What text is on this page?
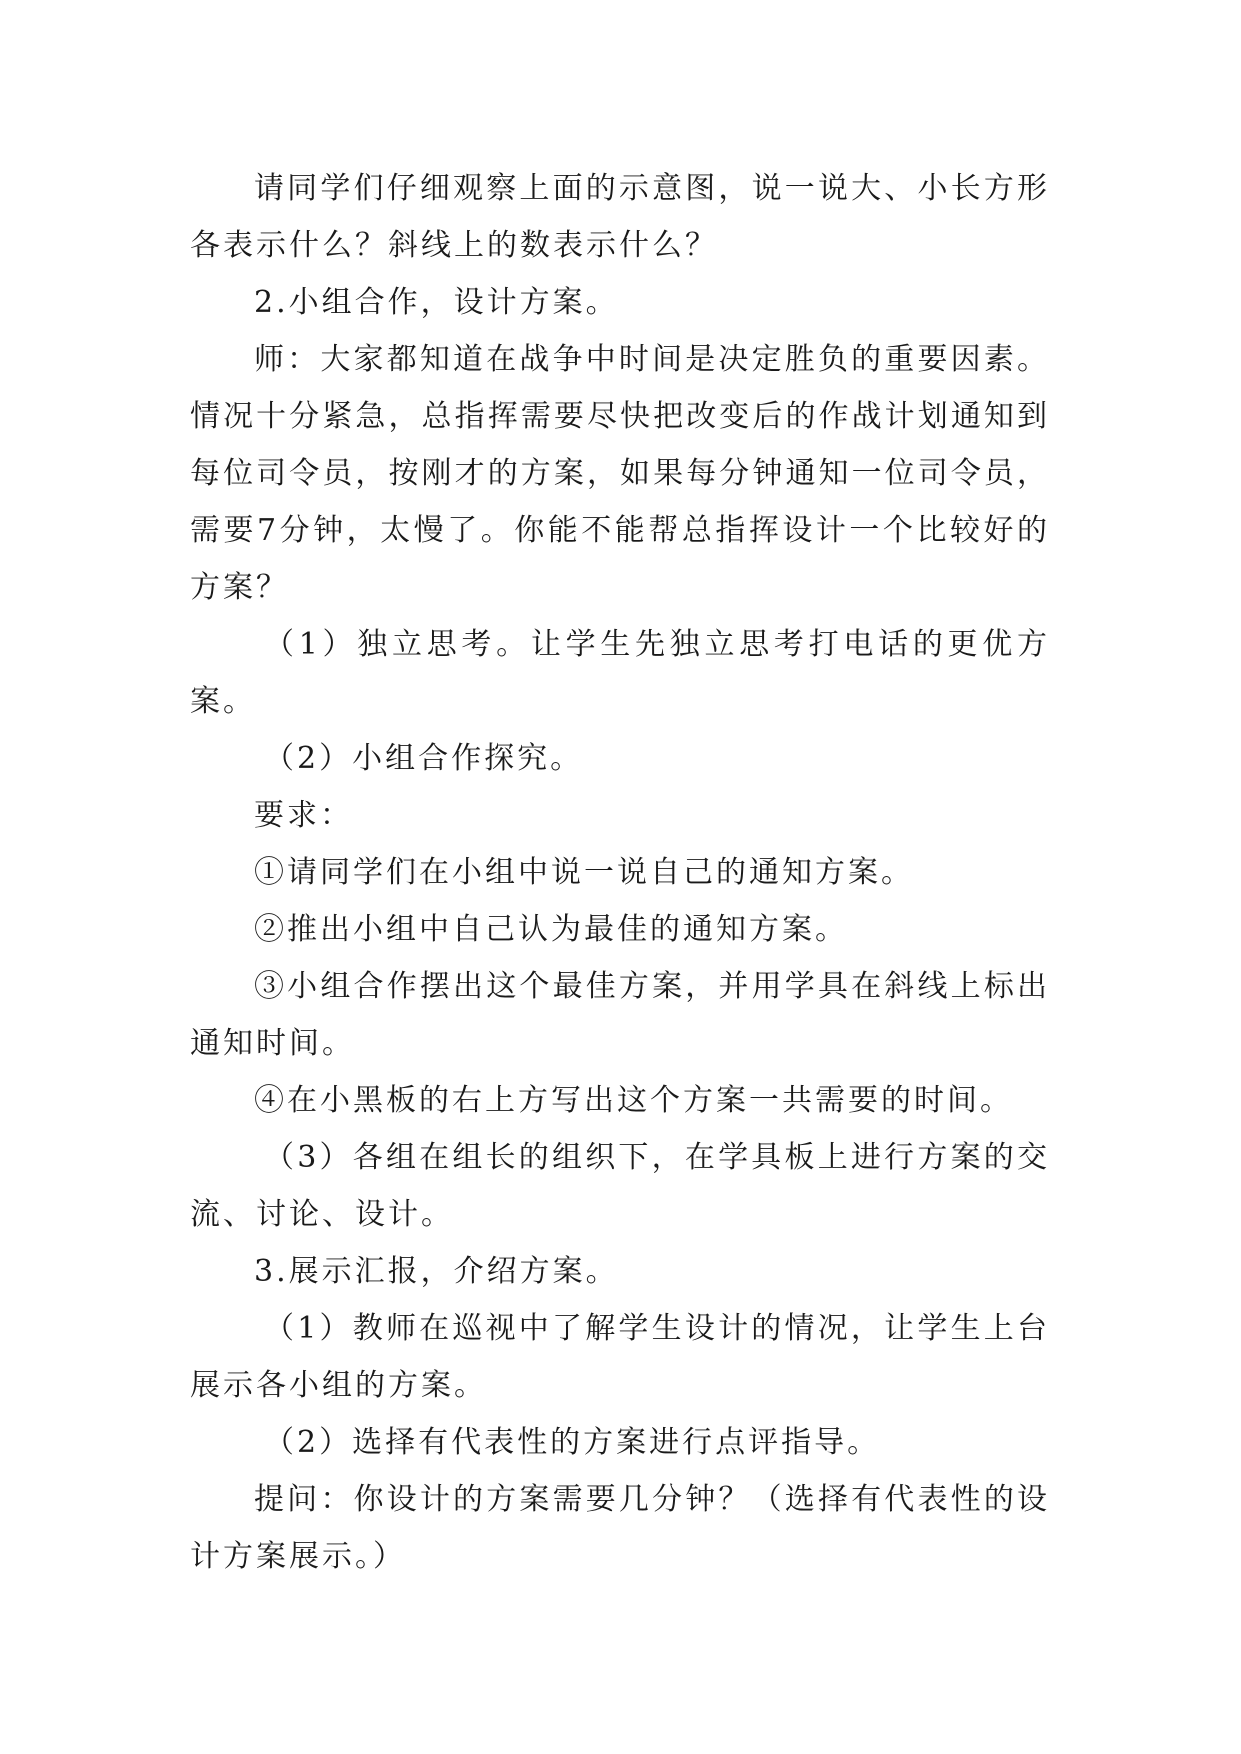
请同学们仔细观察上面的示意图，说一说大、小长方形各表示什么？斜线上的数表示什么？

2.小组合作，设计方案。

师：大家都知道在战争中时间是决定胜负的重要因素。情况十分紧急，总指挥需要尽快把改变后的作战计划通知到每位司令员，按刚才的方案，如果每分钟通知一位司令员，需要7分钟，太慢了。你能不能帮总指挥设计一个比较好的方案？

（1）独立思考。让学生先独立思考打电话的更优方案。

（2）小组合作探究。

要求：

①请同学们在小组中说一说自己的通知方案。

②推出小组中自己认为最佳的通知方案。

③小组合作摆出这个最佳方案，并用学具在斜线上标出通知时间。

④在小黑板的右上方写出这个方案一共需要的时间。

（3）各组在组长的组织下，在学具板上进行方案的交流、讨论、设计。

3.展示汇报，介绍方案。

（1）教师在巡视中了解学生设计的情况，让学生上台展示各小组的方案。

（2）选择有代表性的方案进行点评指导。

提问：你设计的方案需要几分钟？（选择有代表性的设计方案展示。）
